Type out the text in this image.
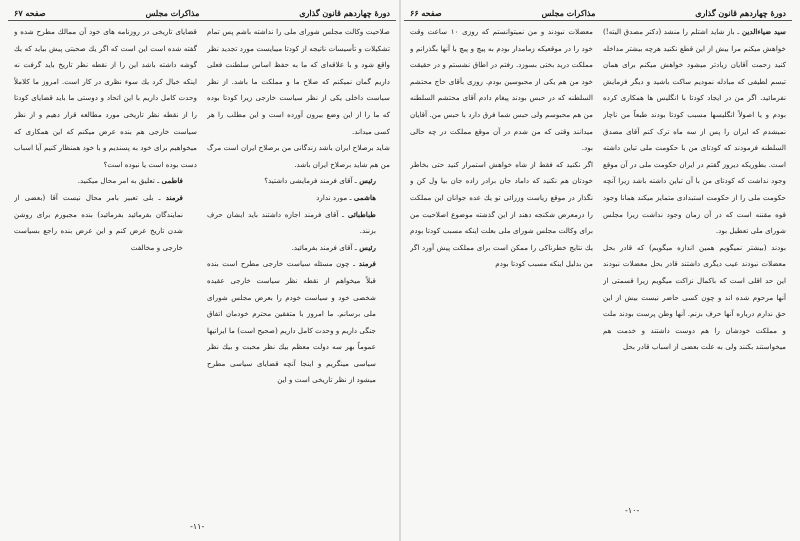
دورهٔ چهاردهم قانون گذاری
مذاکرات مجلس
صفحه ۶۷

صلاحیت وکالت مجلس شورای ملی را نداشته باشم پس تمام تشکیلات و تأسیسات ناتیجه از کودتا میبایست مورد تجدید نظر واقع شود و با علاقه‌ای که ما به حفظ اساس سلطنت فعلی داریم گمان نمیکنم که صلاح ما و مملکت ما باشد. از نظر سیاست داخلی یکی از نظر سیاست خارجی زیرا کودتا بوده که ما را از این وضع بیرون آورده است و این مطلب را هر کسی میداند.

شاید برصلاح ایران باشد زندگانی من برصلاح ایران است مرگ من هم شاید برصلاح ایران باشد.

رئیس ـ آقای فرمند فرمایشی داشتید؟

هاشمی ـ مورد ندارد

طباطبائی ـ آقای فرمند اجازه داشتند باید ایشان حرف بزنند.

رئیس ـ آقای فرمند بفرمائید.

فرمند ـ چون مسئله سیاست خارجی مطرح است بنده قبلاً میخواهم از نقطه نظر سیاست خارجی عقیده شخصی خود و سیاست خودم را بعرض مجلس شورای ملی برسانم. ما امروز با متفقین محترم خودمان اتفاق جنگی داریم و وحدت کامل داریم (صحیح است) ما ایرانیها عموماً بهر سه دولت معظم بیك نظر محبت و بیك نظر سیاسی مینگریم و اینجا آنچه قضایای سیاسی مطرح میشود از نظر تاریخی است و این

قضایای تاریخی در روزنامه های خود آن ممالك مطرح شده و گفته شده است این است که اگر یك صحبتی پیش بیاید که یك گوشه داشته باشد این را از نقطه نظر تاریخ باید گرفت نه اینکه خیال کرد یك سوء نظری در کار است. امروز ما کلاملاً وحدت کامل داریم با این اتحاد و دوستی ما باید قضایای کودتا را از نقطه نظر تاریخی مورد مطالعه قرار دهیم و از نظر سیاست خارجی هم بنده عرض میکنم که این همکاری که میخواهیم برای خود به پسندیم و با خود همنظار کنیم آیا اسباب دست بوده است یا نبوده است؟

فاطمی ـ تعلیق به امر محال میکنید.

فرمند ـ بلی تعبیر بامر محال نیست آقا (بعضی از نمایندگان بفرمائید بفرمائید) بنده مجبورم برای روشن شدن تاریخ عرض کنم و این عرض بنده راجع بسیاست خارجی و مخالفت

-۱۱-
دورهٔ چهاردهم قانون گذاری
مذاکرات مجلس
صفحه ۶۶

سید ضیاءالدین ـ باز شاید اشتلم را منشد (دکتر مصدق الیته!) خواهش میکنم مرا بیش از این قطع نکنید هرچه بیشتر مداخله کنید زحمت آقایان زیادتر میشود خواهش میکنم برای همان تبسم لطیفی که مبادله نمودیم ساکت باشید و دیگر فرمایش نفرمائید. اگر من در ایجاد کودتا با انگلیس ها همکاری کرده بودم و یا اصولاً انگلیسها مسبب کودتا بودند طبعاً من ناچار نمیشدم که ایران را پس از سه ماه ترک کنم آقای مصدق السلطنه فرمودند که کودتای من با حکومت ملی تباین داشته است. بطوریکه دیروز گفتم در ایران حکومت ملی در آن موقع وجود نداشت که کودتای من با آن تباین داشته باشد زیرا آنچه حکومت ملی را از حکومت استبدادی متمایز میکند همانا وجود قوه مقننه است که در آن زمان وجود نداشت زیرا مجلس شورای ملی تعطیل بود.

بودند (بیشتر نمیگویم همین اندازه میگویم) که قادر بحل معضلات نبودند عیب دیگری داشتند قادر بحل معضلات نبودند این حد اقلی است که باکمال نزاکت میگویم زیرا قسمتی از آنها مرحوم شده اند و چون کسی حاضر نیست بیش از این حق ندارم درباره آنها حرف بزنم. آنها وطن پرست بودند ملت و مملکت خودشان را هم دوست داشتند و خدمت هم میخواستند بکنند ولی به علت بعضی از اسباب قادر بحل

معضلات نبودند و من نمیتوانستم که روزی ۱۰ ساعت وقت خود را در موقعیکه زمامدار بودم به پیچ و پیچ با آنها بگذرانم و مملکت درید بختی بسوزد. رفتم در اطاق نشستم و در حقیقت خود من هم یکی از محبوسین بودم. روزی بآقای حاج محتشم السلطنه که در حبس بودند پیغام دادم آقای محتشم السلطنه من هم محبوسم ولی حبس شما فرق دارد با حبس من. آقایان میدانند وقتی که من شدم در آن موقع مملکت در چه حالی بود.

اگر نکنید که فقط از شاه خواهش استمرار کنید حتی بخاطر خودتان هم نکنید که داماد جان برادر زاده جان بیا ول کن و نگذار در موقع ریاست وزرائی تو یك عده جوانان این مملکت را درمعرض شکنجه دهند از این گذشته موضوع اصلاحیت من برای وکالت مجلس شورای ملی بعلت اینکه مسبب کودتا بودم یك نتایج خطرناکی را ممکن است برای مملکت پیش آورد اگر من بدلیل اینکه مسبب کودتا بودم

-۱۰-
